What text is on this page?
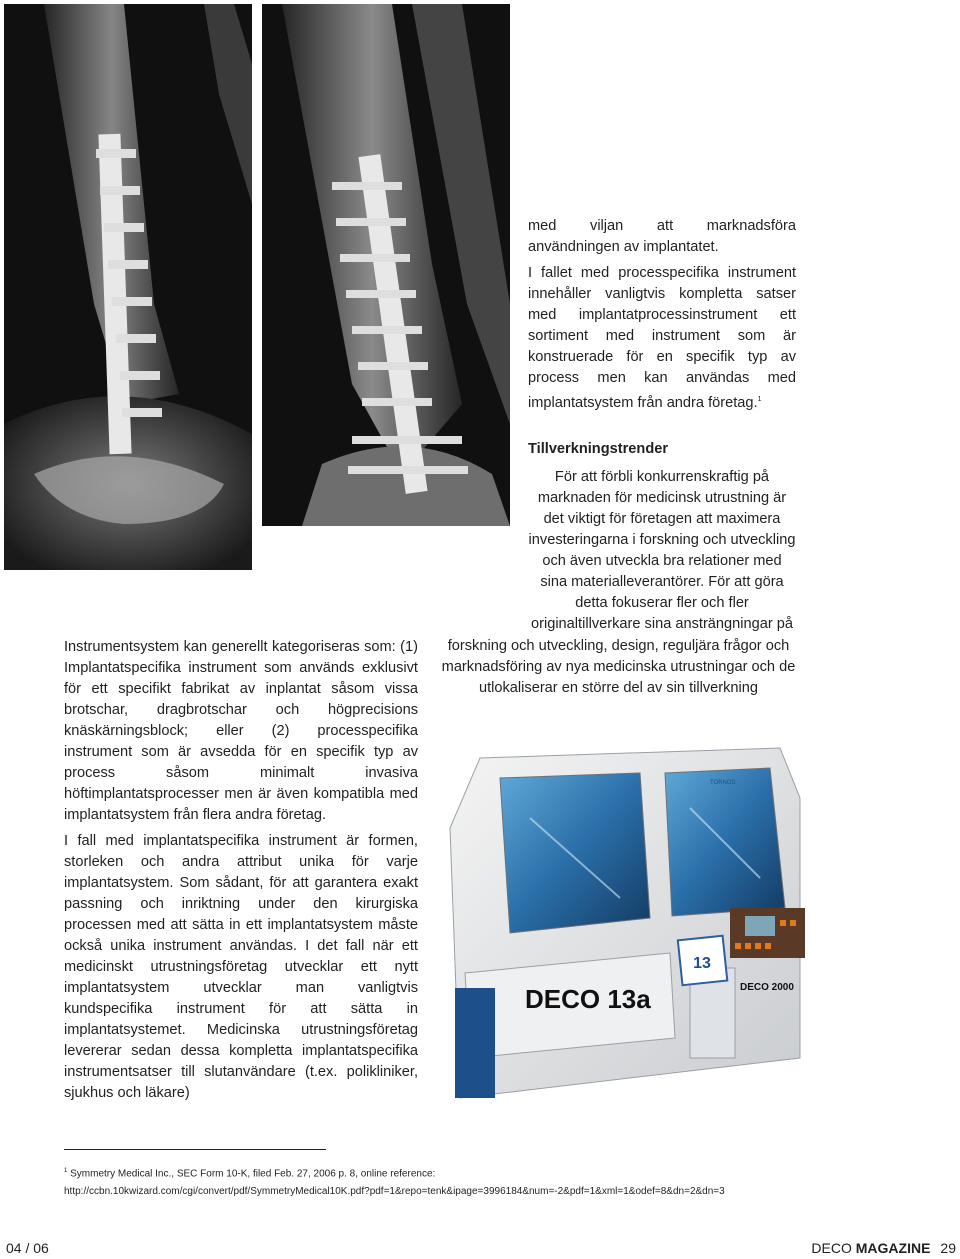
med viljan att marknadsföra användningen av implantatet.

I fallet med processpecifika instrument innehåller vanligtvis kompletta satser med implantatprocessinstrument ett sortiment med instrument som är konstruerade för en specifik typ av process men kan användas med implantatsystem från andra företag.$^1$

Tillverkningstrender
För att förbli konkurrenskraftig på marknaden för medicinsk utrustning är det viktigt för företagen att maximera investeringarna i forskning och utveckling och även utveckla bra relationer med sina materialleverantörer. För att göra detta fokuserar fler och fler originaltillverkare sina ansträngningar på
forskning och utveckling, design, reguljära frågor och marknadsföring av nya medicinska utrustningar och de utlokaliserar en större del av sin tillverkning

Instrumentsystem kan generellt kategoriseras som: (1) Implantatspecifika instrument som används exklusivt för ett specifikt fabrikat av inplantat såsom vissa brotschar, dragbrotschar och högprecisions knäskärningsblock; eller (2) processpecifika instrument som är avsedda för en specifik typ av process såsom minimalt invasiva höftimplantatsprocesser men är även kompatibla med implantatsystem från flera andra företag.

I fall med implantatspecifika instrument är formen, storleken och andra attribut unika för varje implantatsystem. Som sådant, för att garantera exakt passning och inriktning under den kirurgiska processen med att sätta in ett implantatsystem måste också unika instrument användas. I det fall när ett medicinskt utrustningsföretag utvecklar ett nytt implantatsystem utvecklar man vanligtvis kundspecifika instrument för att sätta in implantatsystemet. Medicinska utrustningsföretag levererar sedan dessa kompletta implantatspecifika instrumentsatser till slutanvändare (t.ex. polikliniker, sjukhus och läkare)

13
DECO 13a	DECO 2000
TORNOS
$^1$ Symmetry Medical Inc., SEC Form 10-K, filed Feb. 27, 2006 p. 8, online reference:
http://ccbn.10kwizard.com/cgi/convert/pdf/SymmetryMedical10K.pdf?pdf=1&repo=tenk&ipage=3996184&num=-2&pdf=1&xml=1&odef=8&dn=2&dn=3
04 / 06	DECO MAGAZINE 29
